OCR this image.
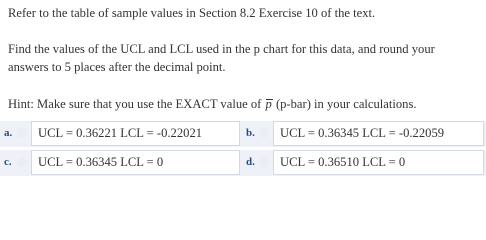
Refer to the table of sample values in Section 8.2 Exercise 10 of the text.
Find the values of the UCL and LCL used in the p chart for this data, and round your
answers to 5 places after the decimal point.
Hint: Make sure that you use the EXACT value of p (p-bar) in your calculations.
a. UCL = 0.36221 LCL = -0.22021	b. UCL = 0.36345 LCL = -0.22059
c. UCL = 0.36345 LCL = 0	d. UCL = 0.36510 LCL = 0
